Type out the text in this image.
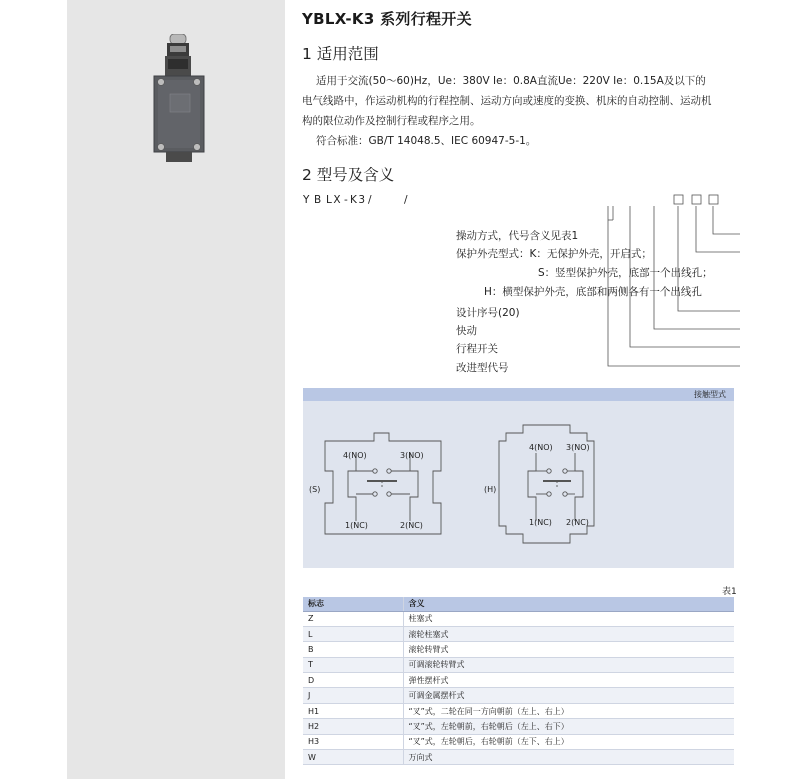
YBLX-K3 系列行程开关
1 适用范围
适用于交流(50～60)Hz，Ue：380V Ie：0.8A直流Ue：220V Ie：0.15A及以下的
电气线路中，作运动机构的行程控制、运动方向或速度的变换、机床的自动控制、运动机
构的限位动作及控制行程或程序之用。
符合标准：GB/T 14048.5、IEC 60947-5-1。
2 型号及含义
Y B LX - K3 /	/
操动方式，代号含义见表1
保护外壳型式：K：无保护外壳，开启式；
S：竖型保护外壳，底部一个出线孔；
H：横型保护外壳，底部和两侧各有一个出线孔
设计序号(20)
快动
行程开关
改进型代号
接触型式
(S)
4(NO)	3(NO)
1(NC)	2(NC)
(H)
4(NO) 3(NO)
1(NC) 2(NC)
表1
标志	含义
Z	柱塞式
L	滚轮柱塞式
B	滚轮转臂式
T	可调滚轮转臂式
D	弹性摆杆式
J	可调金属摆杆式
H1	“叉”式，二轮在同一方向朝前（左上、右上）
H2	“叉”式，左轮朝前，右轮朝后（左上、右下）
H3	“叉”式，左轮朝后，右轮朝前（左下、右上）
W	万向式
